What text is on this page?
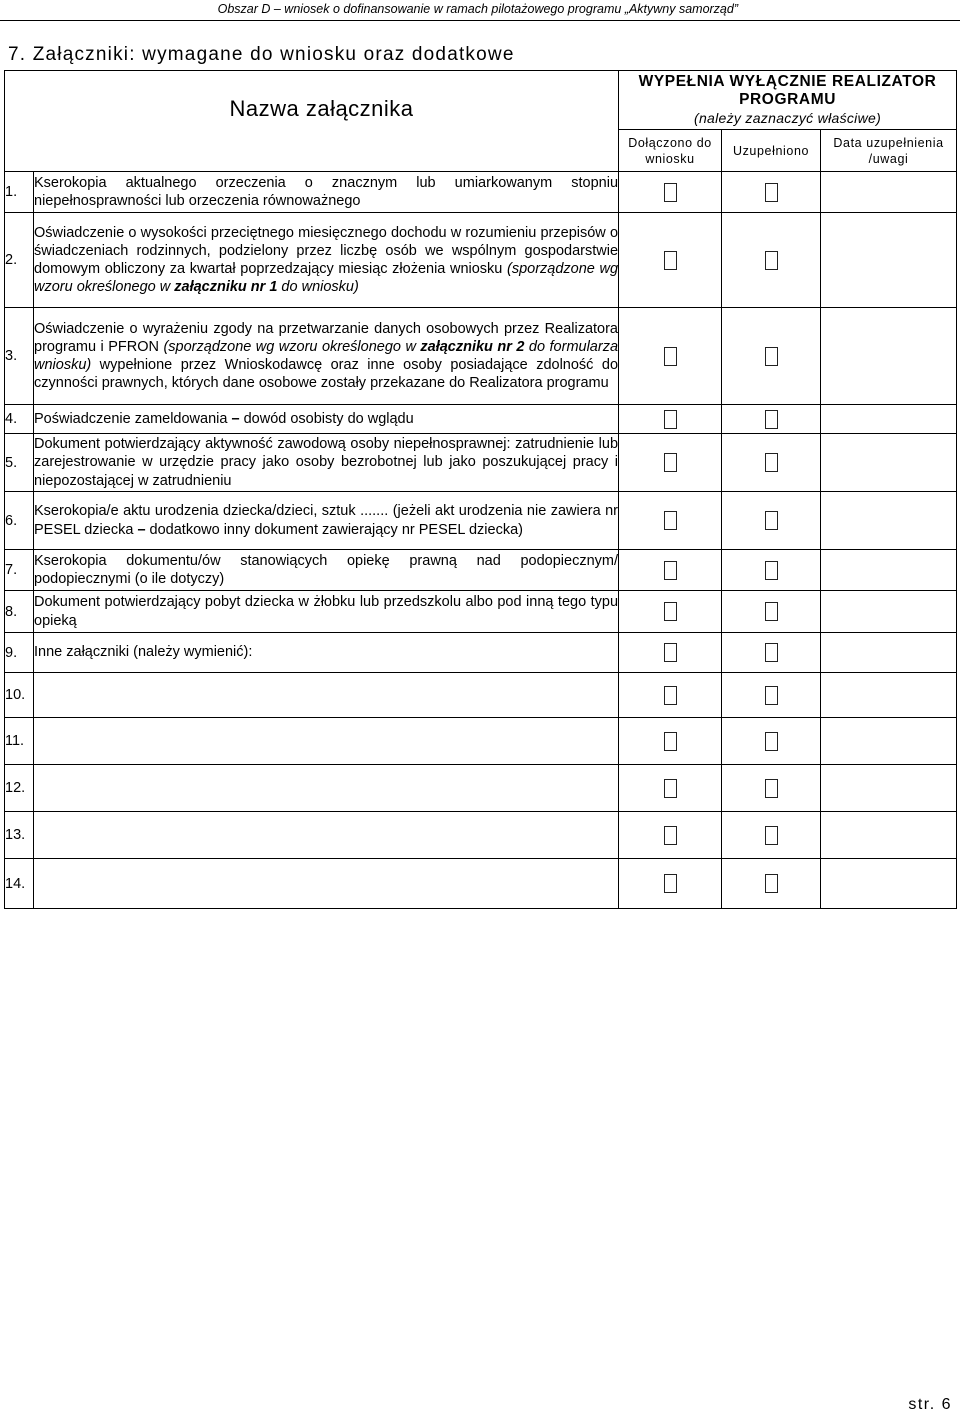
Obszar D – wniosek o dofinansowanie w ramach pilotażowego programu „Aktywny samorząd”
7. Załączniki: wymagane do wniosku oraz dodatkowe
Nazwa załącznika		WYPEŁNIA WYŁĄCZNIE REALIZATOR PROGRAMU
(należy zaznaczyć właściwe)		

		Dołączono do wniosku	Uzupełniono	Data uzupełnienia /uwagi
1.	Kserokopia aktualnego orzeczenia o znacznym lub umiarkowanym stopniu niepełnosprawności lub orzeczenia równoważnego			
2.	Oświadczenie o wysokości przeciętnego miesięcznego dochodu w rozumieniu przepisów o świadczeniach rodzinnych, podzielony przez liczbę osób we wspólnym gospodarstwie domowym obliczony za kwartał poprzedzający miesiąc złożenia wniosku (sporządzone wg wzoru określonego w załączniku nr 1 do wniosku)			
3.	Oświadczenie o wyrażeniu zgody na przetwarzanie danych osobowych przez Realizatora programu i PFRON (sporządzone wg wzoru określonego w załączniku nr 2 do formularza wniosku) wypełnione przez Wnioskodawcę oraz inne osoby posiadające zdolność do czynności prawnych, których dane osobowe zostały przekazane do Realizatora programu			
4.	Poświadczenie zameldowania – dowód osobisty do wglądu			
5.	Dokument potwierdzający aktywność zawodową osoby niepełnosprawnej: zatrudnienie lub zarejestrowanie w urzędzie pracy jako osoby bezrobotnej lub jako poszukującej pracy i niepozostającej w zatrudnieniu			
6.	Kserokopia/e aktu urodzenia dziecka/dzieci, sztuk ....... (jeżeli akt urodzenia nie zawiera nr PESEL dziecka – dodatkowo inny dokument zawierający nr PESEL dziecka)			
7.	Kserokopia dokumentu/ów stanowiących opiekę prawną nad podopiecznym/ podopiecznymi (o ile dotyczy)			
8.	Dokument potwierdzający pobyt dziecka w żłobku lub przedszkolu albo pod inną tego typu opieką			
9.	Inne załączniki (należy wymienić):			
10.				
11.				
12.				
13.				
14.				
str. 6
